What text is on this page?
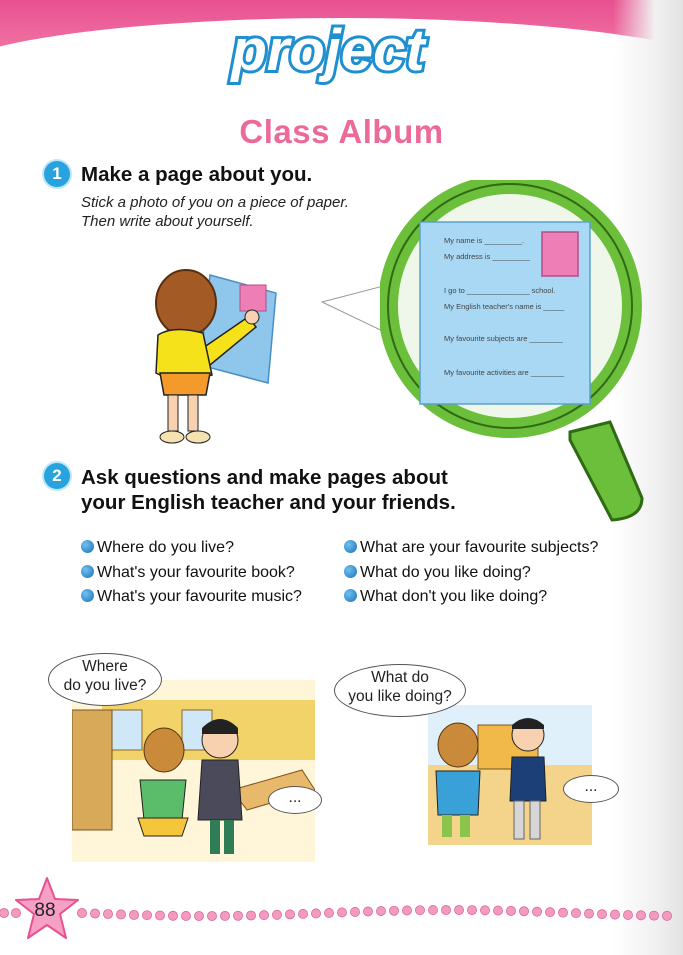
project
Class Album
1 Make a page about you.
Stick a photo of you on a piece of paper.
Then write about yourself.
My name is _________.
My address is _________
I go to _______________ school.
My English teacher's name is _____
My favourite subjects are ________
My favourite activities are ________
2 Ask questions and make pages about
your English teacher and your friends.
Where do you live?
What's your favourite book?
What's your favourite music?
What are your favourite subjects?
What do you like doing?
What don't you like doing?
Where
do you live?
...
What do
you like doing?
...
88
